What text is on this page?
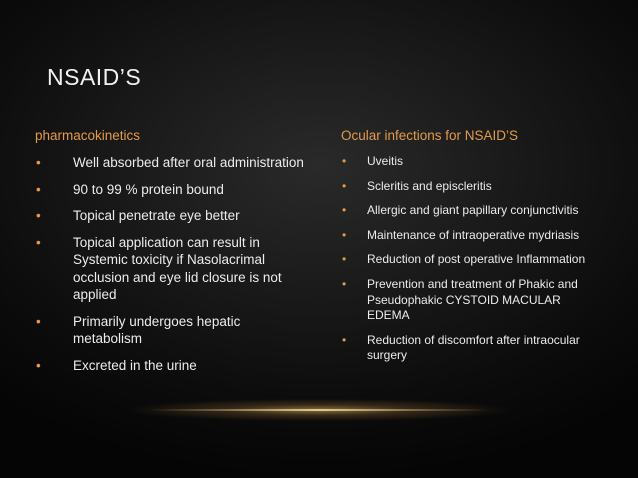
NSAID’S
pharmacokinetics
• Well absorbed after oral administration
• 90 to 99 % protein bound
• Topical penetrate eye better
• Topical application can result in Systemic toxicity if Nasolacrimal occlusion and eye lid closure is not applied
• Primarily undergoes hepatic metabolism
• Excreted in the urine
Ocular infections for NSAID’S
• Uveitis
• Scleritis and episcleritis
• Allergic and giant papillary conjunctivitis
• Maintenance of intraoperative mydriasis
• Reduction of post operative Inflammation
• Prevention and treatment of Phakic and Pseudophakic CYSTOID MACULAR EDEMA
• Reduction of discomfort after intraocular surgery
